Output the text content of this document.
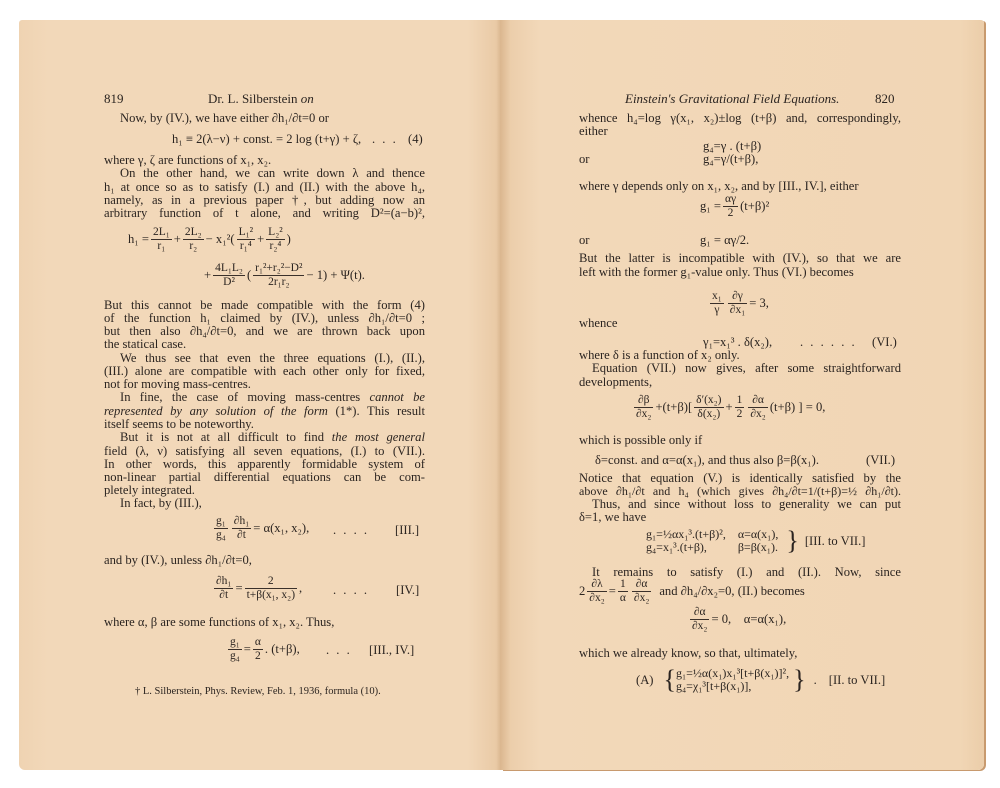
819	Dr. L. Silberstein on
Now, by (IV.), we have either ∂h₁/∂t=0 or
h₁ ≡ 2(λ−ν) + const. = 2 log (t+γ) + ζ, . . . (4)
where γ, ζ are functions of x₁, x₂.
On the other hand, we can write down λ and thence
h₁ at once so as to satisfy (I.) and (II.) with the above h₄,
namely, as in a previous paper †, but adding now an
arbitrary function of t alone, and writing D²=(a−b)²,
$h_1 = \frac{\text{2L₁}}{\text{r₁}} + \frac{\text{2L₂}}{\text{r₂}} - x_1^2( \frac{\text{L₁²}}{\text{r₁⁴}} + \frac{\text{L₂²}}{\text{r₂⁴}}$ )
+ $\frac{\text{4L₁L₂}}{\text{D²}}$ ( $\frac{\text{r₁²+r₂²−D²}}{\text{2r₁r₂}} - 1) + \Psi(t)$.
But this cannot be made compatible with the form (4)
of the function h₁ claimed by (IV.), unless ∂h₁/∂t=0 ;
but then also ∂h₄/∂t=0, and we are thrown back upon
the statical case.
We thus see that even the three equations (I.), (II.),
(III.) alone are compatible with each other only for fixed,
not for moving mass-centres.
In fine, the case of moving mass-centres cannot be
represented by any solution of the form (1*). This result
itself seems to be noteworthy.
But it is not at all difficult to find the most general
field (λ, ν) satisfying all seven equations, (I.) to (VII.).
In other words, this apparently formidable system of
non-linear partial differential equations can be com-
pletely integrated.
In fact, by (III.),
$\frac{\text{g₁}}{\text{g₄}} \frac{\text{∂h₁}}{\partial t} = \alpha(x_1$, x₂), . . . . [III.]
and by (IV.), unless ∂h₁/∂t=0,
$\frac{\text{∂h₁}}{\partial t} = \frac{2}{\text{t+β(x₁, x₂)}}$ , . . . . [IV.]
where α, β are some functions of x₁, x₂. Thus,
$\frac{\text{g₁}}{\text{g₄}} = \frac{\alpha}{2}$ . (t+β), . . . [III., IV.]
† L. Silberstein, Phys. Review, Feb. 1, 1936, formula (10).
Einstein's Gravitational Field Equations.	820
whence h₄=log γ(x₁, x₂)±log (t+β) and, correspondingly,
either
g₄=γ . (t+β)
or	g₄=γ/(t+β),
where γ depends only on x₁, x₂, and by [III., IV.], either
$g_1 = \frac{\alpha\gamma}{2} (t+\beta)^2$
or	g₁ = αγ/2.
But the latter is incompatible with (IV.), so that we are
left with the former g₁-value only. Thus (VI.) becomes
$\frac{\text{x₁}}{\gamma} \frac{\partial\gamma}{\text{∂x₁}} = 3$,
whence
γ₁=x₁³ . δ(x₂), . . . . . . (VI.)
where δ is a function of x₂ only.
Equation (VII.) now gives, after some straightforward
developments,
$\frac{\partial\beta}{\text{∂x₂}} +(t+\beta)[ \frac{\text{δ′(x₂)}}{\text{δ(x₂)}} + \frac{1}{2} \frac{\partial\alpha}{\text{∂x₂}} (t+\beta)$ ] = 0,
which is possible only if
δ=const. and α=α(x₁), and thus also β=β(x₁).	(VII.)
Notice that equation (V.) is identically satisfied by the
above ∂h₁/∂t and h₄ (which gives ∂h₄/∂t=1/(t+β)=½ ∂h₁/∂t).
Thus, and since without loss to generality we can put
δ=1, we have
g₁=½αx₁³.(t+β)²,
g₄=x₁³.(t+β),
α=α(x₁),
β=β(x₁). } [III. to VII.]
It remains to satisfy (I.) and (II.). Now, since
$2 \frac{\partial\lambda}{\text{∂x₂}} = \frac{1}{\alpha} \frac{\partial\alpha}{\text{∂x₂}}$ and ∂h₄/∂x₂=0, (II.) becomes
$\frac{\partial\alpha}{\text{∂x₂}} = 0$,    α=α(x₁),
which we already know, so that, ultimately,
(A) { g₁=½α(x₁)x₁³[t+β(x₁)]²,
g₄=χ₁³[t+β(x₁)],	} . [II. to VII.]
